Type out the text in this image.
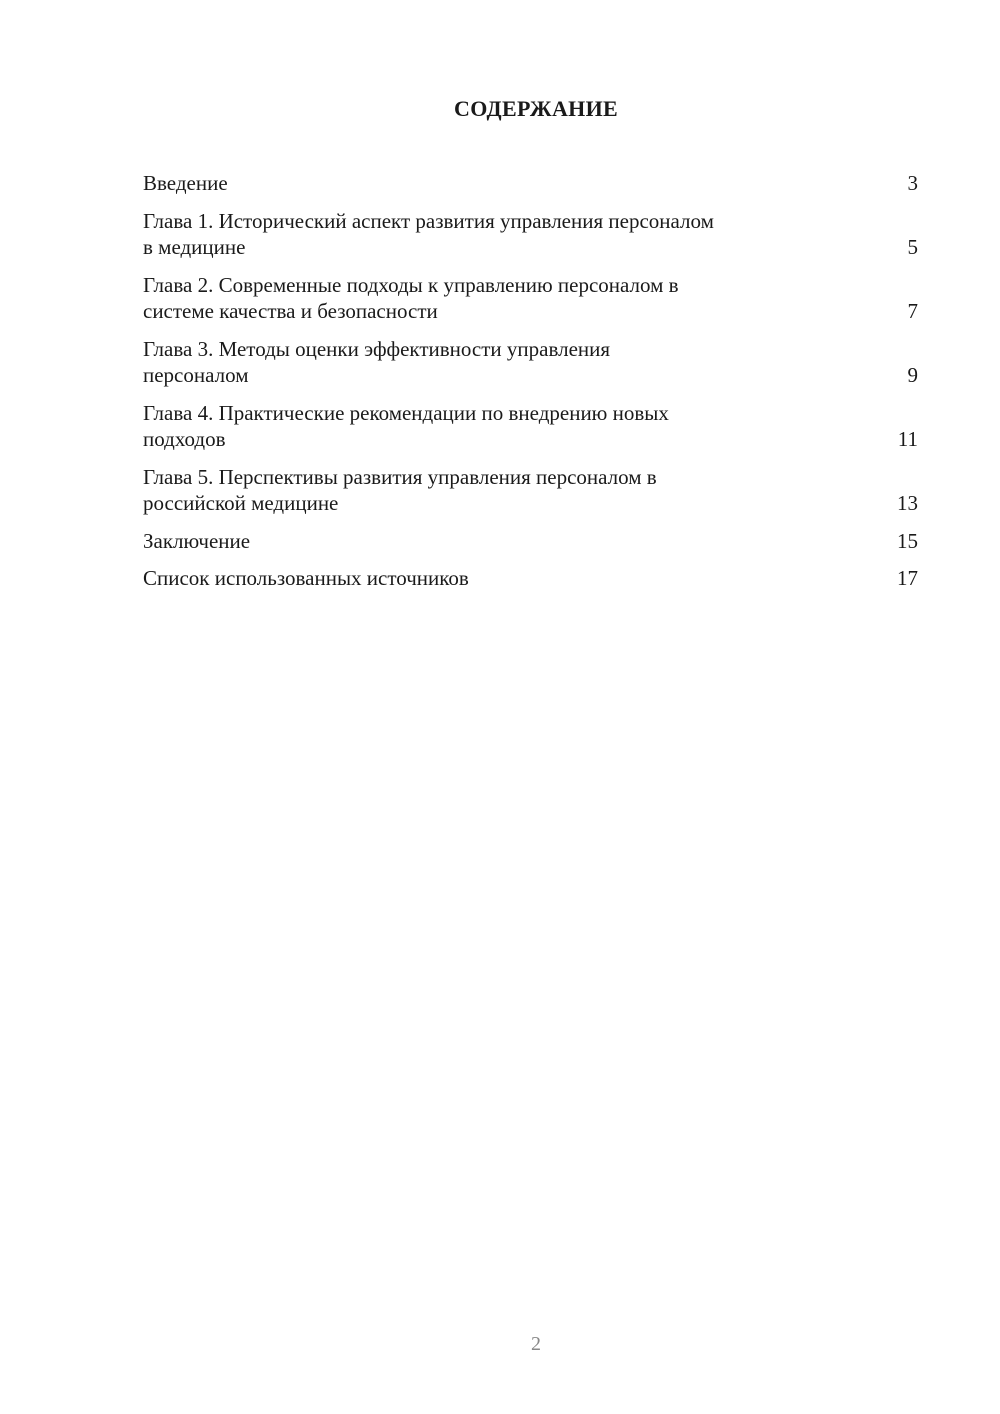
СОДЕРЖАНИЕ
Введение	3
Глава 1. Исторический аспект развития управления персоналом
в медицине	5
Глава 2. Современные подходы к управлению персоналом в
системе качества и безопасности	7
Глава 3. Методы оценки эффективности управления
персоналом	9
Глава 4. Практические рекомендации по внедрению новых
подходов	11
Глава 5. Перспективы развития управления персоналом в
российской медицине	13
Заключение	15
Список использованных источников	17
2
